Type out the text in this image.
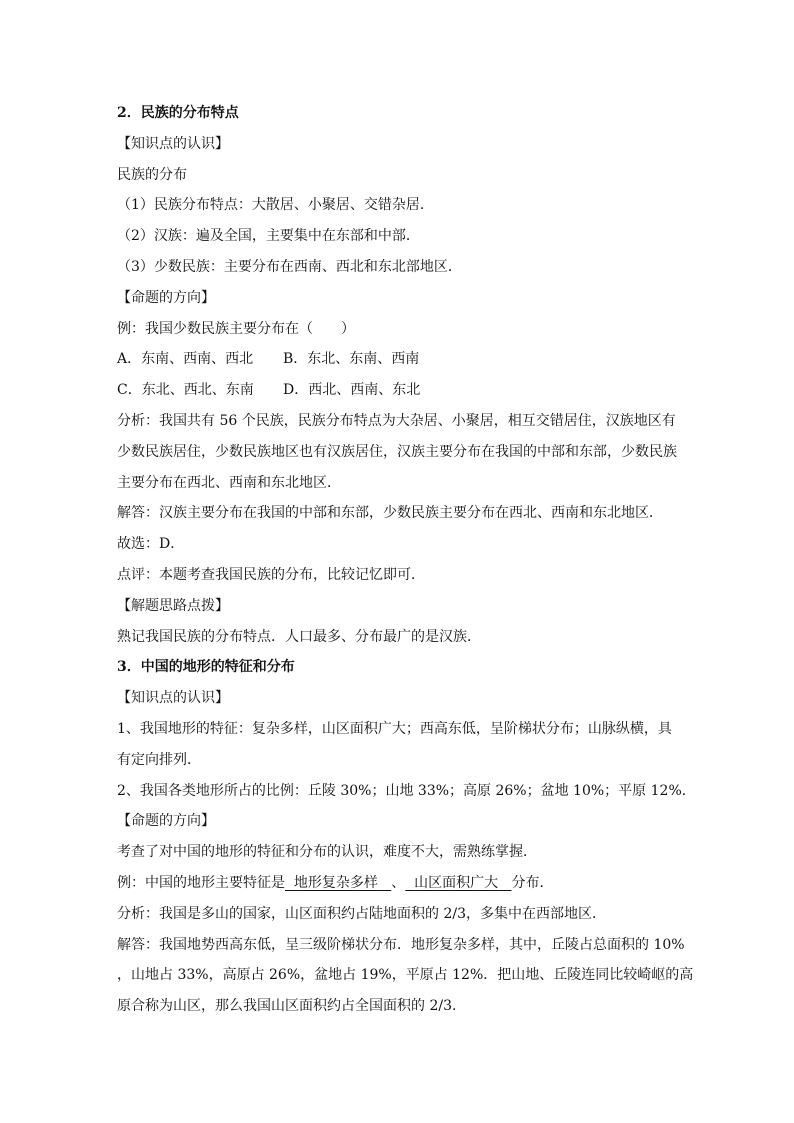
2．民族的分布特点
【知识点的认识】
民族的分布
（1）民族分布特点：大散居、小聚居、交错杂居．
（2）汉族：遍及全国，主要集中在东部和中部．
（3）少数民族：主要分布在西南、西北和东北部地区．
【命题的方向】
例：我国少数民族主要分布在（　　）
A．东南、西南、西北 B．东北、东南、西南
C．东北、西北、东南 D．西北、西南、东北
分析：我国共有 56 个民族，民族分布特点为大杂居、小聚居，相互交错居住，汉族地区有
少数民族居住，少数民族地区也有汉族居住，汉族主要分布在我国的中部和东部，少数民族
主要分布在西北、西南和东北地区．
解答：汉族主要分布在我国的中部和东部，少数民族主要分布在西北、西南和东北地区．
故选：D．
点评：本题考查我国民族的分布，比较记忆即可．
【解题思路点拨】
熟记我国民族的分布特点．人口最多、分布最广的是汉族．
3．中国的地形的特征和分布
【知识点的认识】
1、我国地形的特征：复杂多样，山区面积广大；西高东低，呈阶梯状分布；山脉纵横，具
有定向排列．
2、我国各类地形所占的比例：丘陵 30%；山地 33%；高原 26%；盆地 10%；平原 12%．
【命题的方向】
考查了对中国的地形的特征和分布的认识，难度不大，需熟练掌握．
例：中国的地形主要特征是 地形复杂多样 、 山区面积广大 分布．
分析：我国是多山的国家，山区面积约占陆地面积的 2/3，多集中在西部地区．
解答：我国地势西高东低，呈三级阶梯状分布．地形复杂多样，其中，丘陵占总面积的 10%
，山地占 33%，高原占 26%，盆地占 19%，平原占 12%．把山地、丘陵连同比较崎岖的高
原合称为山区，那么我国山区面积约占全国面积的 2/3.
